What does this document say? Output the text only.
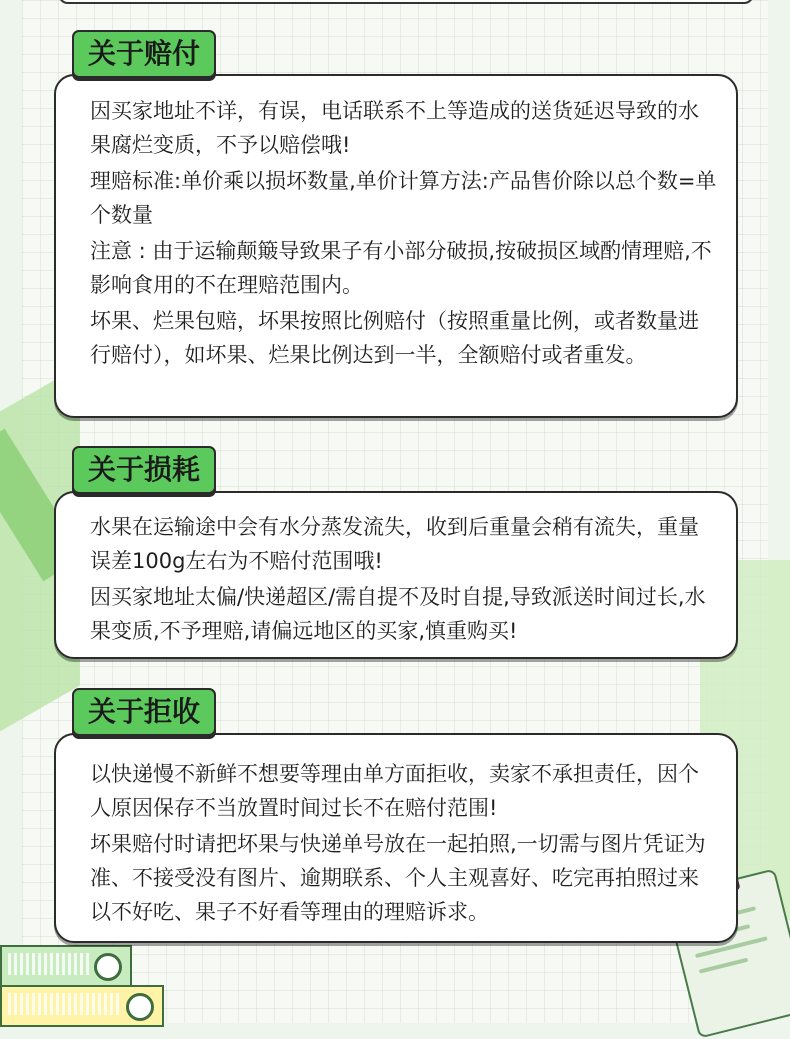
关于赔付

因买家地址不详，有误，电话联系不上等造成的送货延迟导致的水果腐烂变质，不予以赔偿哦!

理赔标准:单价乘以损坏数量,单价计算方法:产品售价除以总个数=单个数量

注意 : 由于运输颠簸导致果子有小部分破损,按破损区域酌情理赔,不影响食用的不在理赔范围内。

坏果、烂果包赔，坏果按照比例赔付（按照重量比例，或者数量进行赔付），如坏果、烂果比例达到一半，全额赔付或者重发。

关于损耗

水果在运输途中会有水分蒸发流失，收到后重量会稍有流失，重量误差100g左右为不赔付范围哦!

因买家地址太偏/快递超区/需自提不及时自提,导致派送时间过长,水果变质,不予理赔,请偏远地区的买家,慎重购买!

关于拒收

以快递慢不新鲜不想要等理由单方面拒收，卖家不承担责任，因个人原因保存不当放置时间过长不在赔付范围!

坏果赔付时请把坏果与快递单号放在一起拍照,一切需与图片凭证为准、不接受没有图片、逾期联系、个人主观喜好、吃完再拍照过来以不好吃、果子不好看等理由的理赔诉求。
